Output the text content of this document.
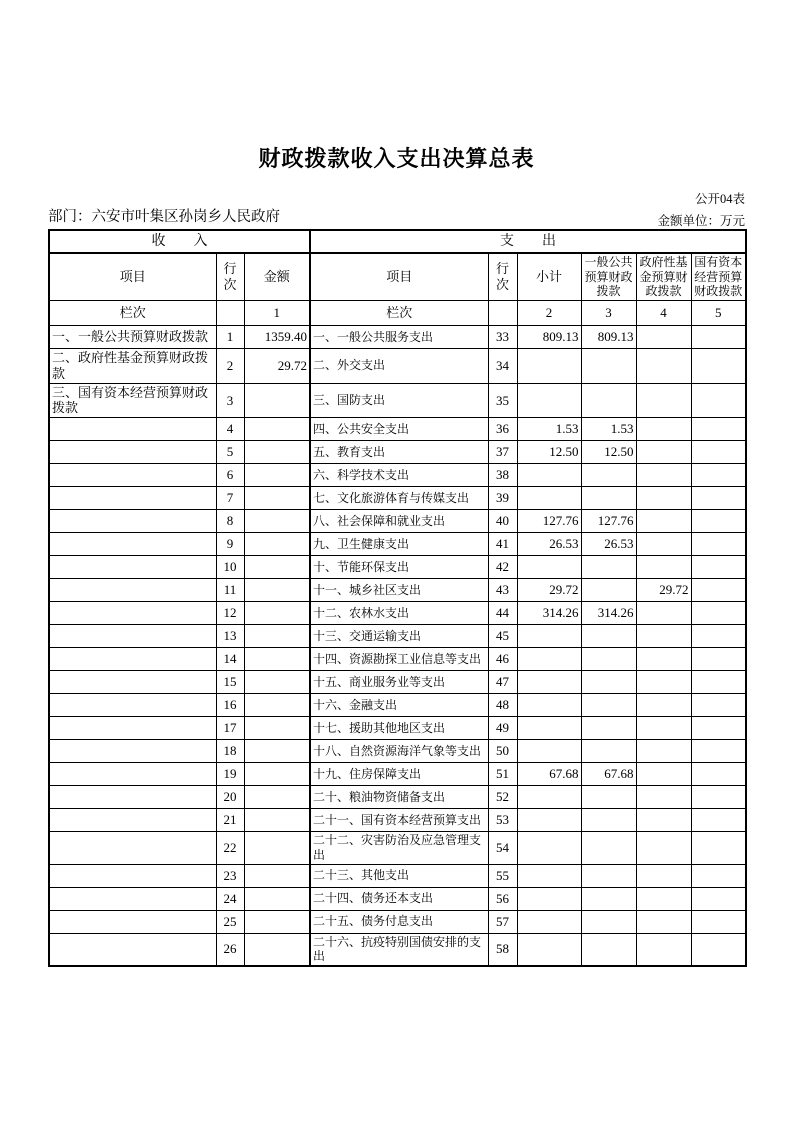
财政拨款收入支出决算总表
公开04表
部门：六安市叶集区孙岗乡人民政府	金额单位：万元
收　　入			支　　出					
项目	行次	金额	项目	行次	小计	一般公共预算财政拨款	政府性基金预算财政拨款	国有资本经营预算财政拨款
栏次		1	栏次		2	3	4	5
一、一般公共预算财政拨款	1	1359.40	一、一般公共服务支出	33	809.13	809.13		
二、政府性基金预算财政拨款	2	29.72	二、外交支出	34				
三、国有资本经营预算财政拨款	3		三、国防支出	35				
	4		四、公共安全支出	36	1.53	1.53		
	5		五、教育支出	37	12.50	12.50		
	6		六、科学技术支出	38				
	7		七、文化旅游体育与传媒支出	39				
	8		八、社会保障和就业支出	40	127.76	127.76		
	9		九、卫生健康支出	41	26.53	26.53		
	10		十、节能环保支出	42				
	11		十一、城乡社区支出	43	29.72		29.72	
	12		十二、农林水支出	44	314.26	314.26		
	13		十三、交通运输支出	45				
	14		十四、资源勘探工业信息等支出	46				
	15		十五、商业服务业等支出	47				
	16		十六、金融支出	48				
	17		十七、援助其他地区支出	49				
	18		十八、自然资源海洋气象等支出	50				
	19		十九、住房保障支出	51	67.68	67.68		
	20		二十、粮油物资储备支出	52				
	21		二十一、国有资本经营预算支出	53				
	22		二十二、灾害防治及应急管理支出	54				
	23		二十三、其他支出	55				
	24		二十四、债务还本支出	56				
	25		二十五、债务付息支出	57				
	26		二十六、抗疫特别国债安排的支出	58				
